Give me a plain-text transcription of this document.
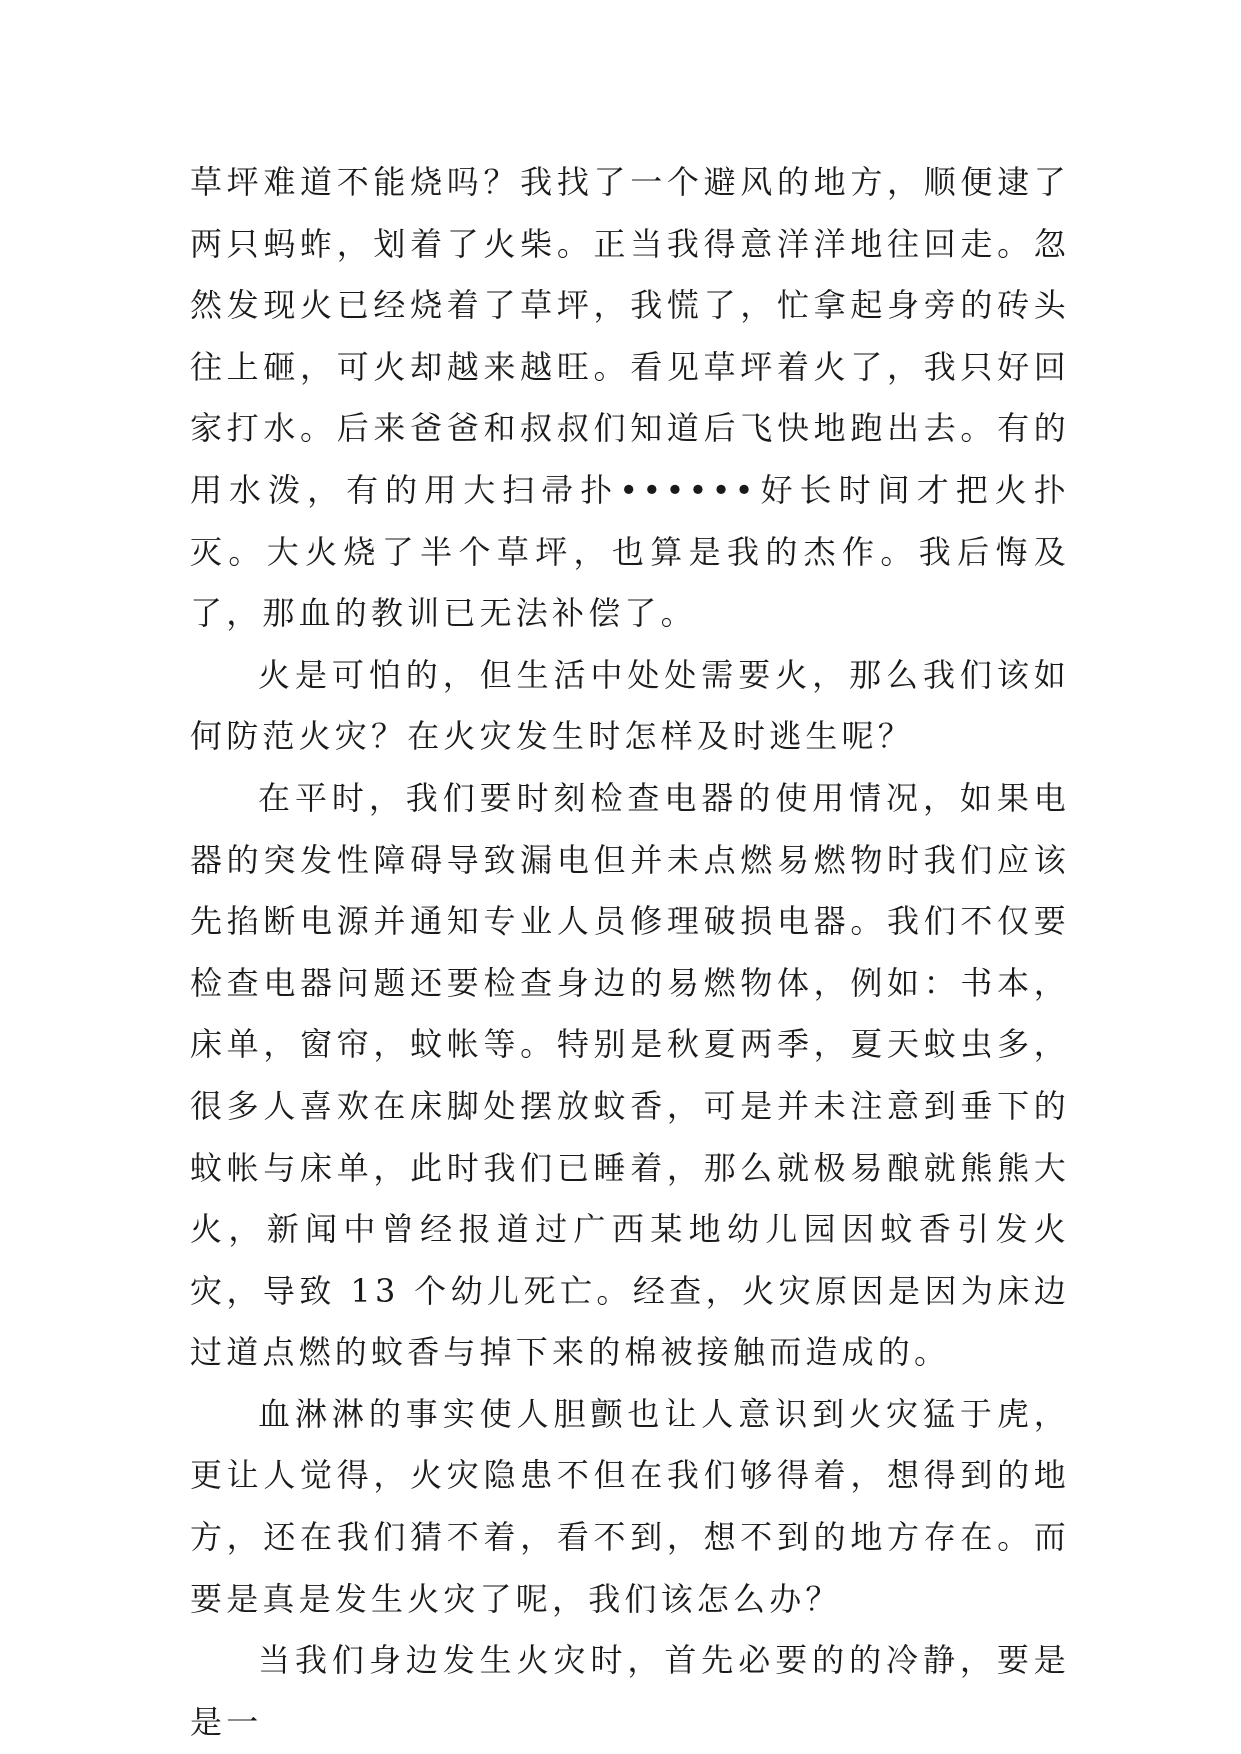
草坪难道不能烧吗？我找了一个避风的地方，顺便逮了两只蚂蚱，划着了火柴。正当我得意洋洋地往回走。忽然发现火已经烧着了草坪，我慌了，忙拿起身旁的砖头往上砸，可火却越来越旺。看见草坪着火了，我只好回家打水。后来爸爸和叔叔们知道后飞快地跑出去。有的用水泼，有的用大扫帚扑••••••好长时间才把火扑灭。大火烧了半个草坪，也算是我的杰作。我后悔及了，那血的教训已无法补偿了。

火是可怕的，但生活中处处需要火，那么我们该如何防范火灾？在火灾发生时怎样及时逃生呢？

在平时，我们要时刻检查电器的使用情况，如果电器的突发性障碍导致漏电但并未点燃易燃物时我们应该先掐断电源并通知专业人员修理破损电器。我们不仅要检查电器问题还要检查身边的易燃物体，例如：书本，床单，窗帘，蚊帐等。特别是秋夏两季，夏天蚊虫多，很多人喜欢在床脚处摆放蚊香，可是并未注意到垂下的蚊帐与床单，此时我们已睡着，那么就极易酿就熊熊大火，新闻中曾经报道过广西某地幼儿园因蚊香引发火灾，导致 13 个幼儿死亡。经查，火灾原因是因为床边过道点燃的蚊香与掉下来的棉被接触而造成的。

血淋淋的事实使人胆颤也让人意识到火灾猛于虎，更让人觉得，火灾隐患不但在我们够得着，想得到的地方，还在我们猜不着，看不到，想不到的地方存在。而要是真是发生火灾了呢，我们该怎么办？

当我们身边发生火灾时，首先必要的的冷静，要是是一
